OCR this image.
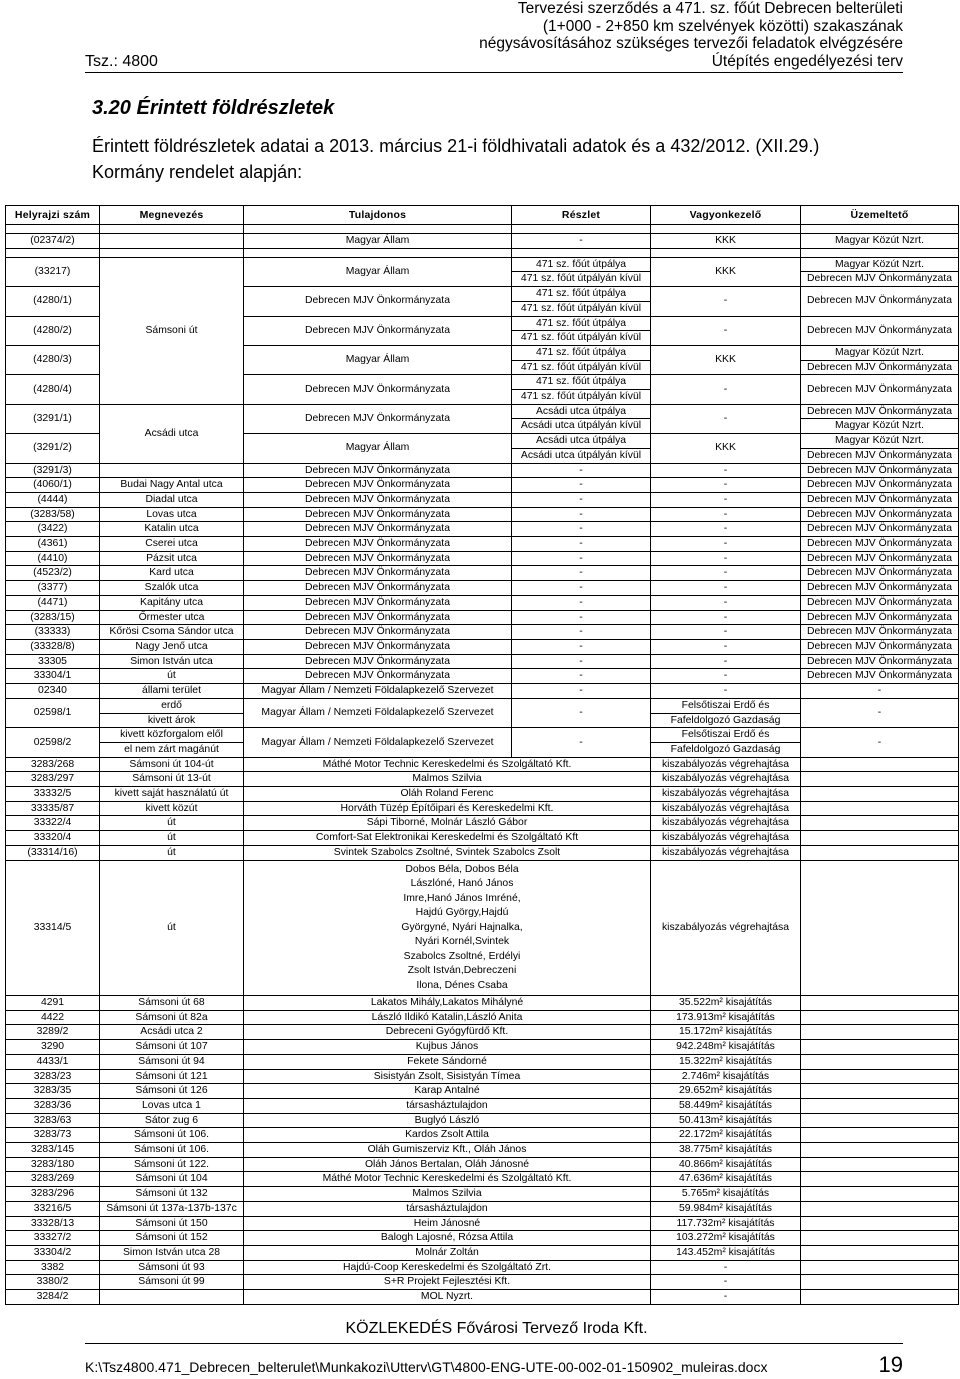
Tervezési szerződés a 471. sz. főút Debrecen belterületi
(1+000 - 2+850 km szelvények közötti) szakaszának
négysávosításához szükséges tervezői feladatok elvégzésére
Útépítés engedélyezési terv
Tsz.: 4800
3.20 Érintett földrészletek
Érintett földrészletek adatai a 2013. március 21-i földhivatali adatok és a 432/2012. (XII.29.) Kormány rendelet alapján:
Helyrajzi szám	Megnevezés	Tulajdonos	Részlet	Vagyonkezelő	Üzemeltető

(02374/2)		Magyar Állam	-	KKK	Magyar Közút Nzrt.

(33217)	Sámsoni út	Magyar Állam	471 sz. főút útpálya	KKK	Magyar Közút Nzrt.
			471 sz. főút útpályán kívül		Debrecen MJV Önkormányzata
(4280/1)		Debrecen MJV Önkormányzata	471 sz. főút útpálya	-	Debrecen MJV Önkormányzata
			471 sz. főút útpályán kívül		
(4280/2)		Debrecen MJV Önkormányzata	471 sz. főút útpálya	-	Debrecen MJV Önkormányzata
			471 sz. főút útpályán kívül		
(4280/3)		Magyar Állam	471 sz. főút útpálya	KKK	Magyar Közút Nzrt.
			471 sz. főút útpályán kívül		Debrecen MJV Önkormányzata
(4280/4)		Debrecen MJV Önkormányzata	471 sz. főút útpálya	-	Debrecen MJV Önkormányzata
			471 sz. főút útpályán kívül		
(3291/1)	Acsádi utca	Debrecen MJV Önkormányzata	Acsádi utca útpálya	-	Debrecen MJV Önkormányzata
			Acsádi utca útpályán kívül		Magyar Közút Nzrt.
(3291/2)		Magyar Állam	Acsádi utca útpálya	KKK	Magyar Közút Nzrt.
			Acsádi utca útpályán kívül		Debrecen MJV Önkormányzata
(3291/3)		Debrecen MJV Önkormányzata	-	-	Debrecen MJV Önkormányzata
(4060/1)	Budai Nagy Antal utca	Debrecen MJV Önkormányzata	-	-	Debrecen MJV Önkormányzata
(4444)	Diadal utca	Debrecen MJV Önkormányzata	-	-	Debrecen MJV Önkormányzata
(3283/58)	Lovas utca	Debrecen MJV Önkormányzata	-	-	Debrecen MJV Önkormányzata
(3422)	Katalin utca	Debrecen MJV Önkormányzata	-	-	Debrecen MJV Önkormányzata
(4361)	Cserei utca	Debrecen MJV Önkormányzata	-	-	Debrecen MJV Önkormányzata
(4410)	Pázsit utca	Debrecen MJV Önkormányzata	-	-	Debrecen MJV Önkormányzata
(4523/2)	Kard utca	Debrecen MJV Önkormányzata	-	-	Debrecen MJV Önkormányzata
(3377)	Szalók utca	Debrecen MJV Önkormányzata	-	-	Debrecen MJV Önkormányzata
(4471)	Kapitány utca	Debrecen MJV Önkormányzata	-	-	Debrecen MJV Önkormányzata
(3283/15)	Őrmester utca	Debrecen MJV Önkormányzata	-	-	Debrecen MJV Önkormányzata
(33333)	Kőrösi Csoma Sándor utca	Debrecen MJV Önkormányzata	-	-	Debrecen MJV Önkormányzata
(33328/8)	Nagy Jenő utca	Debrecen MJV Önkormányzata	-	-	Debrecen MJV Önkormányzata
33305	Simon István utca	Debrecen MJV Önkormányzata	-	-	Debrecen MJV Önkormányzata
33304/1	út	Debrecen MJV Önkormányzata	-	-	Debrecen MJV Önkormányzata
02340	állami terület	Magyar Állam / Nemzeti Földalapkezelő Szervezet	-	-	-
02598/1	erdő	Magyar Állam / Nemzeti Földalapkezelő Szervezet	-	Felsőtiszai Erdő és	-
	kivett árok			Fafeldolgozó Gazdaság	
02598/2	kivett közforgalom elől	Magyar Állam / Nemzeti Földalapkezelő Szervezet	-	Felsőtiszai Erdő és	-
	el nem zárt magánút			Fafeldolgozó Gazdaság	
3283/268	Sámsoni út 104-út	Máthé Motor Technic Kereskedelmi és Szolgáltató Kft.		kiszabályozás végrehajtása	
3283/297	Sámsoni út 13-út	Malmos Szilvia		kiszabályozás végrehajtása	
33332/5	kivett saját használatú út	Oláh Roland Ferenc		kiszabályozás végrehajtása	
33335/87	kivett közút	Horváth Tüzép Építőipari és Kereskedelmi Kft.		kiszabályozás végrehajtása	
33322/4	út	Sápi Tiborné, Molnár László Gábor		kiszabályozás végrehajtása	
33320/4	út	Comfort-Sat Elektronikai Kereskedelmi és Szolgáltató Kft		kiszabályozás végrehajtása	
(33314/16)	út	Svintek Szabolcs Zsoltné, Svintek Szabolcs Zsolt		kiszabályozás végrehajtása	
33314/5	út	Dobos Béla, Dobos Béla Lászlóné, Hanó János Imre,Hanó János Imréné, Hajdú György,Hajdú Györgyné, Nyári Hajnalka, Nyári Kornél,Svintek Szabolcs Zsoltné, Erdélyi Zsolt István,Debreczeni Ilona, Dénes Csaba		kiszabályozás végrehajtása	
4291	Sámsoni út 68	Lakatos Mihály,Lakatos Mihályné		35.522m² kisajátítás	
4422	Sámsoni út 82a	László Ildikó Katalin,László Anita		173.913m² kisajátítás	
3289/2	Acsádi utca 2	Debreceni Gyógyfürdő Kft.		15.172m² kisajátítás	
3290	Sámsoni út 107	Kujbus János		942.248m² kisajátítás	
4433/1	Sámsoni út 94	Fekete Sándorné		15.322m² kisajátítás	
3283/23	Sámsoni út 121	Sisistyán Zsolt, Sisistyán Tímea		2.746m² kisajátítás	
3283/35	Sámsoni út 126	Karap Antalné		29.652m² kisajátítás	
3283/36	Lovas utca 1	társasháztulajdon		58.449m² kisajátítás	
3283/63	Sátor zug 6	Buglyó László		50.413m² kisajátítás	
3283/73	Sámsoni út 106.	Kardos Zsolt Attila		22.172m² kisajátítás	
3283/145	Sámsoni út 106.	Oláh Gumiszerviz Kft., Oláh János		38.775m² kisajátítás	
3283/180	Sámsoni út 122.	Oláh János Bertalan, Oláh Jánosné		40.866m² kisajátítás	
3283/269	Sámsoni út 104	Máthé Motor Technic Kereskedelmi és Szolgáltató Kft.		47.636m² kisajátítás	
3283/296	Sámsoni út 132	Malmos Szilvia		5.765m² kisajátítás	
33216/5	Sámsoni út 137a-137b-137c	társasháztulajdon		59.984m² kisajátítás	
33328/13	Sámsoni út 150	Heim Jánosné		117.732m² kisajátítás	
33327/2	Sámsoni út 152	Balogh Lajosné, Rózsa Attila		103.272m² kisajátítás	
33304/2	Simon István utca 28	Molnár Zoltán		143.452m² kisajátítás	
3382	Sámsoni út 93	Hajdú-Coop Kereskedelmi és Szolgáltató Zrt.		-	
3380/2	Sámsoni út 99	S+R Projekt Fejlesztési Kft.		-	
3284/2		MOL Nyzrt.		-	
KÖZLEKEDÉS Fővárosi Tervező Iroda Kft.
K:\Tsz4800.471_Debrecen_belterulet\Munkakozi\Utterv\GT\4800-ENG-UTE-00-002-01-150902_muleiras.docx	19
